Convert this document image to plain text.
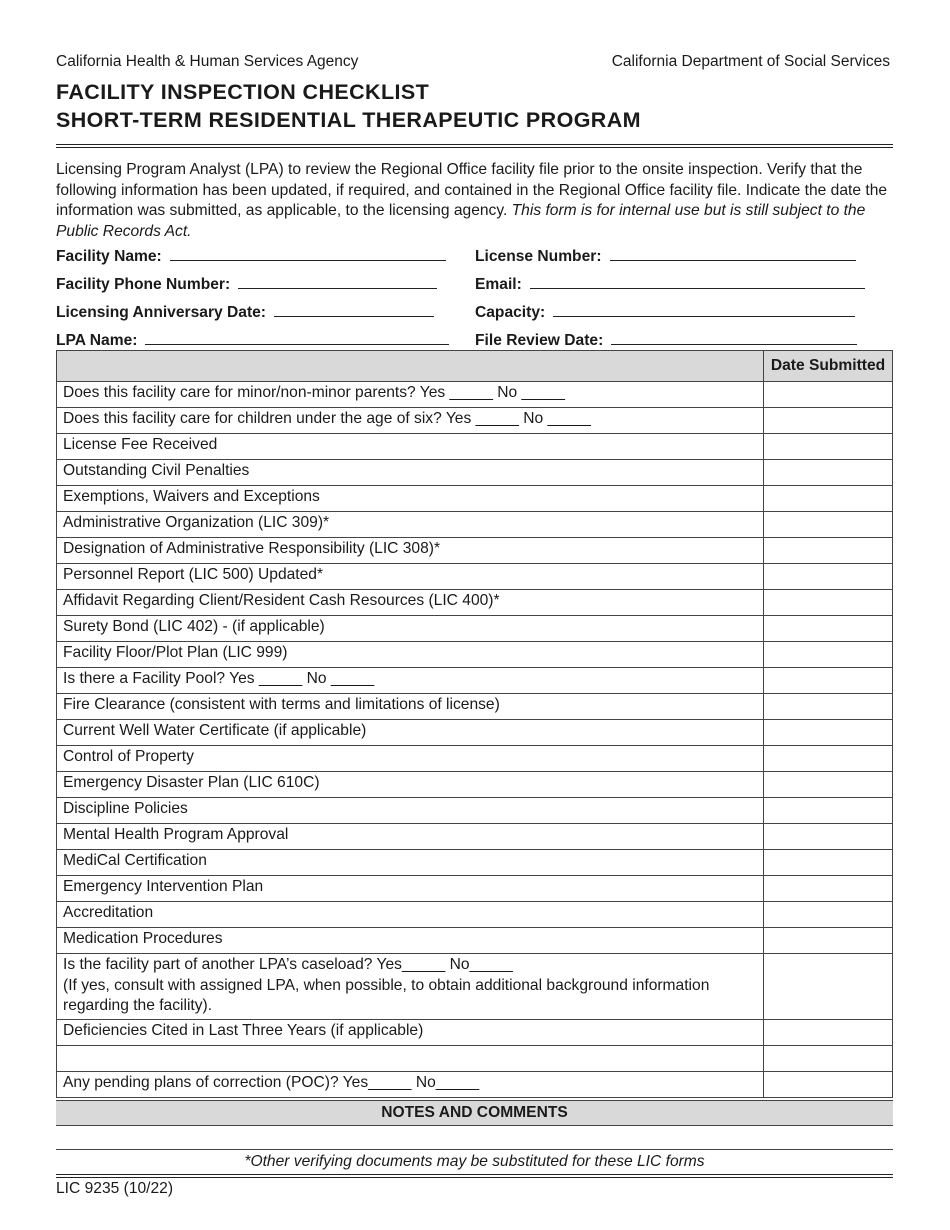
California Health & Human Services Agency	California Department of Social Services
FACILITY INSPECTION CHECKLIST
SHORT-TERM RESIDENTIAL THERAPEUTIC PROGRAM
Licensing Program Analyst (LPA) to review the Regional Office facility file prior to the onsite inspection. Verify that the following information has been updated, if required, and contained in the Regional Office facility file. Indicate the date the information was submitted, as applicable, to the licensing agency. This form is for internal use but is still subject to the Public Records Act.
Facility Name:	License Number:
Facility Phone Number:	Email:
Licensing Anniversary Date:	Capacity:
LPA Name:	File Review Date:
	Date Submitted
Does this facility care for minor/non-minor parents? Yes _____ No _____	
Does this facility care for children under the age of six? Yes _____ No _____	
License Fee Received	
Outstanding Civil Penalties	
Exemptions, Waivers and Exceptions	
Administrative Organization (LIC 309)*	
Designation of Administrative Responsibility (LIC 308)*	
Personnel Report (LIC 500) Updated*	
Affidavit Regarding Client/Resident Cash Resources (LIC 400)*	
Surety Bond (LIC 402) - (if applicable)	
Facility Floor/Plot Plan (LIC 999)	
Is there a Facility Pool? Yes _____ No _____	
Fire Clearance (consistent with terms and limitations of license)	
Current Well Water Certificate (if applicable)	
Control of Property	
Emergency Disaster Plan (LIC 610C)	
Discipline Policies	
Mental Health Program Approval	
MediCal Certification	
Emergency Intervention Plan	
Accreditation	
Medication Procedures	

Is the facility part of another LPA’s caseload? Yes_____ No_____
(If yes, consult with assigned LPA, when possible, to obtain additional background information regarding the facility).	

Deficiencies Cited in Last Three Years (if applicable)	

Any pending plans of correction (POC)? Yes_____ No_____	
NOTES AND COMMENTS
*Other verifying documents may be substituted for these LIC forms
LIC 9235 (10/22)
